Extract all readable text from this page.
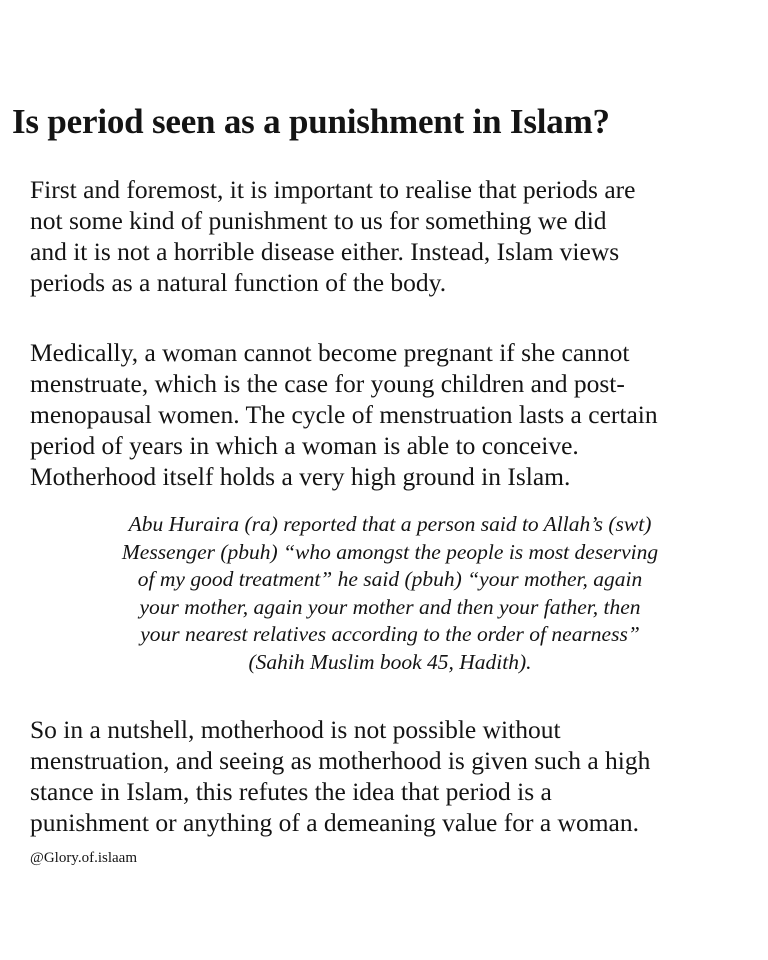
Is period seen as a punishment in Islam?

First and foremost, it is important to realise that periods are
not some kind of punishment to us for something we did
and it is not a horrible disease either. Instead, Islam views
periods as a natural function of the body.

Medically, a woman cannot become pregnant if she cannot
menstruate, which is the case for young children and post-
menopausal women. The cycle of menstruation lasts a certain
period of years in which a woman is able to conceive.
Motherhood itself holds a very high ground in Islam.

Abu Huraira (ra) reported that a person said to Allah’s (swt)
Messenger (pbuh) “who amongst the people is most deserving
of my good treatment” he said (pbuh) “your mother, again
your mother, again your mother and then your father, then
your nearest relatives according to the order of nearness”
(Sahih Muslim book 45, Hadith).

So in a nutshell, motherhood is not possible without
menstruation, and seeing as motherhood is given such a high
stance in Islam, this refutes the idea that period is a
punishment or anything of a demeaning value for a woman.

@Glory.of.islaam
